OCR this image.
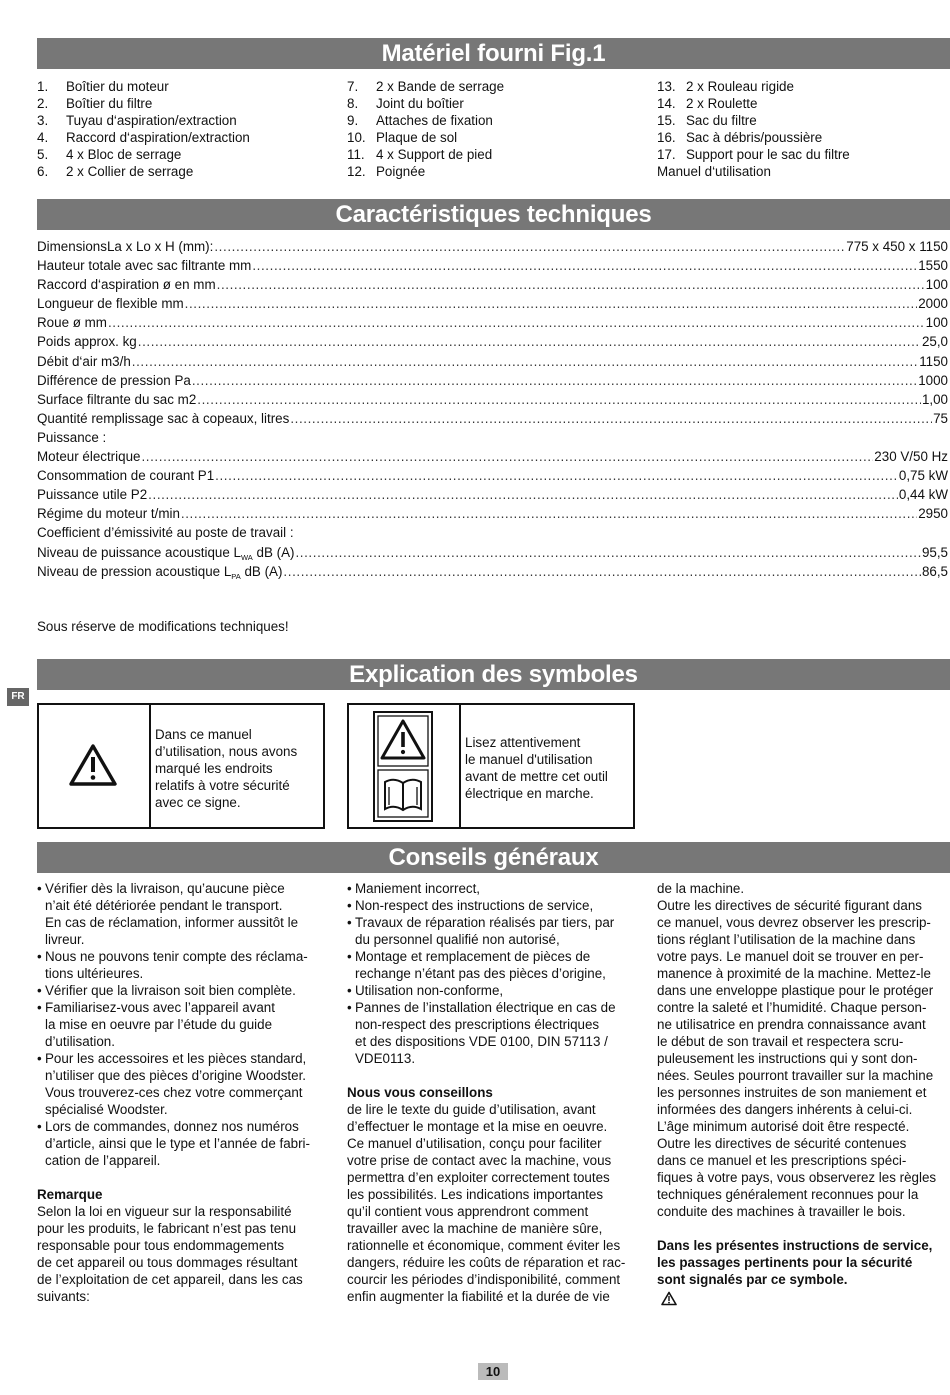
Matériel fourni Fig.1
Caractéristiques techniques
Explication des symboles
Conseils généraux
1. Boîtier du moteur
2. Boîtier du filtre
3. Tuyau d‘aspiration/extraction
4. Raccord d‘aspiration/extraction
5. 4 x Bloc de serrage
6. 2 x Collier de serrage
7. 2 x Bande de serrage
8. Joint du boîtier
9. Attaches de fixation
10. Plaque de sol
11. 4 x Support de pied
12. Poignée
13. 2 x Rouleau rigide
14. 2 x Roulette
15. Sac du filtre
16. Sac à débris/poussière
17. Support pour le sac du filtre
Manuel d‘utilisation
DimensionsLa x Lo x H (mm): .....	775 x 450 x 1150
Hauteur totale avec sac filtrante mm .....	1550
Raccord d‘aspiration ø en mm .....	100
Longueur de flexible mm .....	2000
Roue ø mm .....	100
Poids approx. kg .....	25,0
Débit d‘air m3/h .....	1150
Différence de pression Pa .....	1000
Surface filtrante du sac m2 .....	1,00
Quantité remplissage sac à copeaux, litres .....	75
Puissance :
Moteur électrique .....	230 V/50 Hz
Consommation de courant P1 .....	0,75 kW
Puissance utile P2 .....	0,44 kW
Régime du moteur t/min .....	2950
Coefficient d’émissivité au poste de travail :
Niveau de puissance acoustique $L_{WA}$ dB (A) .....	95,5
Niveau de pression acoustique $L_{PA}$ dB (A) .....	86,5
Sous réserve de modifications techniques!
FR
Dans ce manuel
d’utilisation, nous avons
marqué les endroits
relatifs à votre sécurité
avec ce signe.
Lisez attentivement
le manuel d'utilisation
avant de mettre cet outil
électrique en marche.

• Vérifier dès la livraison, qu’aucune pièce
n’ait été détériorée pendant le transport.
En cas de réclamation, informer aussitôt le
livreur.

• Nous ne pouvons tenir compte des réclama-
tions ultérieures.

• Vérifier que la livraison soit bien complète.

• Familiarisez-vous avec l’appareil avant
la mise en oeuvre par l’étude du guide
d’utilisation.

• Pour les accessoires et les pièces standard,
n’utiliser que des pièces d’origine Woodster.
Vous trouverez-ces chez votre commerçant
spécialisé Woodster.

• Lors de commandes, donnez nos numéros
d’article, ainsi que le type et l’année de fabri-
cation de l’appareil.

Remarque

Selon la loi en vigueur sur la responsabilité
pour les produits, le fabricant n’est pas tenu
responsable pour tous endommagements
de cet appareil ou tous dommages résultant
de l’exploitation de cet appareil, dans les cas
suivants:

• Maniement incorrect,

• Non-respect des instructions de service,

• Travaux de réparation réalisés par tiers, par
du personnel qualifié non autorisé,

• Montage et remplacement de pièces de
rechange n’étant pas des pièces d’origine,

• Utilisation non-conforme,

• Pannes de l’installation électrique en cas de
non-respect des prescriptions électriques
et des dispositions VDE 0100, DIN 57113 /
VDE0113.

Nous vous conseillons

de lire le texte du guide d’utilisation, avant
d’effectuer le montage et la mise en oeuvre.
Ce manuel d’utilisation, conçu pour faciliter
votre prise de contact avec la machine, vous
permettra d’en exploiter correctement toutes
les possibilités. Les indications importantes
qu’il contient vous apprendront comment
travailler avec la machine de manière sûre,
rationnelle et économique, comment éviter les
dangers, réduire les coûts de réparation et rac-
courcir les périodes d’indisponibilité, comment
enfin augmenter la fiabilité et la durée de vie

de la machine.
Outre les directives de sécurité figurant dans
ce manuel, vous devrez observer les prescrip-
tions réglant l’utilisation de la machine dans
votre pays. Le manuel doit se trouver en per-
manence à proximité de la machine. Mettez-le
dans une enveloppe plastique pour le protéger
contre la saleté et l’humidité. Chaque person-
ne utilisatrice en prendra connaissance avant
le début de son travail et respectera scru-
puleusement les instructions qui y sont don-
nées. Seules pourront travailler sur la machine
les personnes instruites de son maniement et
informées des dangers inhérents à celui-ci.
L’âge minimum autorisé doit être respecté.
Outre les directives de sécurité contenues
dans ce manuel et les prescriptions spéci-
fiques à votre pays, vous observerez les règles
techniques généralement reconnues pour la
conduite des machines à travailler le bois.

Dans les présentes instructions de service,
les passages pertinents pour la sécurité
sont signalés par ce symbole.

10
